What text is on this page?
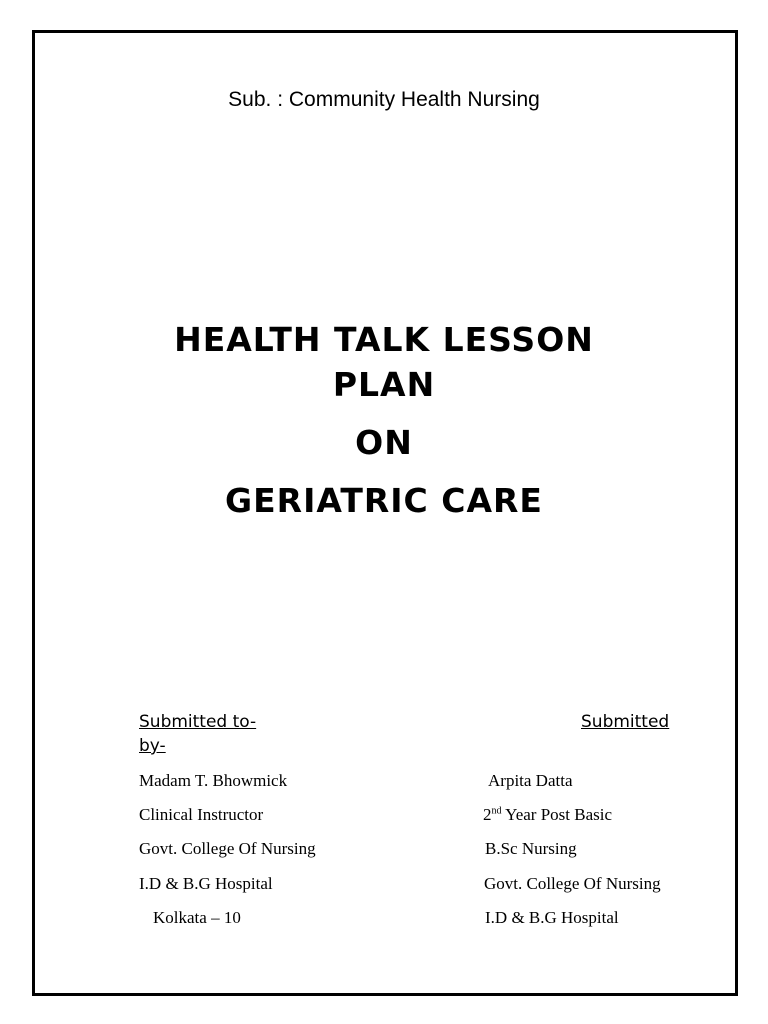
Sub. : Community Health Nursing
HEALTH TALK LESSON
PLAN
ON
GERIATRIC CARE
Submitted to-
by-
Submitted
Madam T. Bhowmick
Clinical Instructor
Govt. College Of Nursing
I.D & B.G Hospital
Kolkata – 10
Arpita Datta
2nd Year Post Basic
B.Sc Nursing
Govt. College Of Nursing
I.D & B.G Hospital
